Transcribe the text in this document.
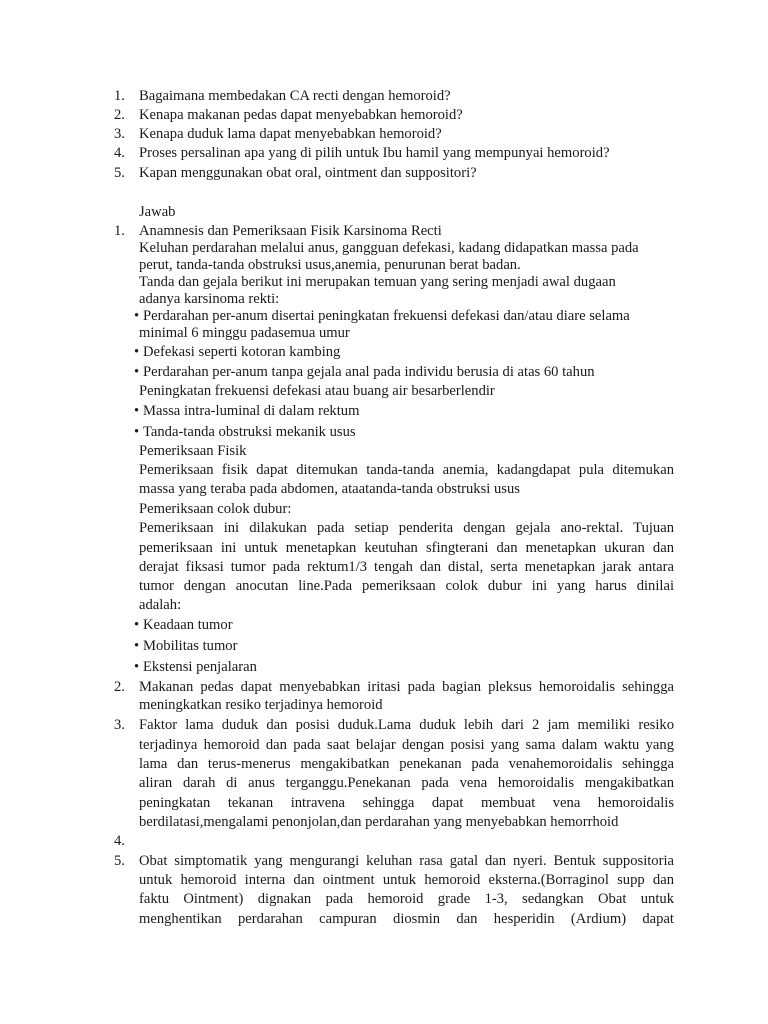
1. Bagaimana membedakan CA recti dengan hemoroid?
2. Kenapa makanan pedas dapat menyebabkan hemoroid?
3. Kenapa duduk lama dapat menyebabkan hemoroid?
4. Proses persalinan apa yang di pilih untuk Ibu hamil yang mempunyai hemoroid?
5. Kapan menggunakan obat oral, ointment dan suppositori?
Jawab
1. Anamnesis dan Pemeriksaan Fisik Karsinoma Recti
Keluhan perdarahan melalui anus, gangguan defekasi, kadang didapatkan massa pada
perut, tanda-tanda obstruksi usus,anemia, penurunan berat badan.
Tanda dan gejala berikut ini merupakan temuan yang sering menjadi awal dugaan
adanya karsinoma rekti:
• Perdarahan per-anum disertai peningkatan frekuensi defekasi dan/atau diare selama
minimal 6 minggu padasemua umur
• Defekasi seperti kotoran kambing
• Perdarahan per-anum tanpa gejala anal pada individu berusia di atas 60 tahun
Peningkatan frekuensi defekasi atau buang air besarberlendir
• Massa intra-luminal di dalam rektum
• Tanda-tanda obstruksi mekanik usus
Pemeriksaan Fisik
Pemeriksaan fisik dapat ditemukan tanda-tanda anemia, kadangdapat pula ditemukan
massa yang teraba pada abdomen, ataatanda-tanda obstruksi usus
Pemeriksaan colok dubur:
Pemeriksaan ini dilakukan pada setiap penderita dengan gejala ano-rektal. Tujuan
pemeriksaan ini untuk menetapkan keutuhan sfingterani dan menetapkan ukuran dan
derajat fiksasi tumor pada rektum1/3 tengah dan distal, serta menetapkan jarak antara
tumor dengan anocutan line.Pada pemeriksaan colok dubur ini yang harus dinilai
adalah:
• Keadaan tumor
• Mobilitas tumor
• Ekstensi penjalaran
2. Makanan pedas dapat menyebabkan iritasi pada bagian pleksus hemoroidalis sehingga
meningkatkan resiko terjadinya hemoroid
3. Faktor lama duduk dan posisi duduk.Lama duduk lebih dari 2 jam memiliki resiko
terjadinya hemoroid dan pada saat belajar dengan posisi yang sama dalam waktu yang
lama dan terus-menerus mengakibatkan penekanan pada venahemoroidalis sehingga
aliran darah di anus terganggu.Penekanan pada vena hemoroidalis mengakibatkan
peningkatan tekanan intravena sehingga dapat membuat vena hemoroidalis
berdilatasi,mengalami penonjolan,dan perdarahan yang menyebabkan hemorrhoid
4.
5. Obat simptomatik yang mengurangi keluhan rasa gatal dan nyeri. Bentuk suppositoria
untuk hemoroid interna dan ointment untuk hemoroid eksterna.(Borraginol supp dan
faktu Ointment) dignakan pada hemoroid grade 1-3, sedangkan Obat untuk
menghentikan perdarahan campuran diosmin dan hesperidin (Ardium) dapat
